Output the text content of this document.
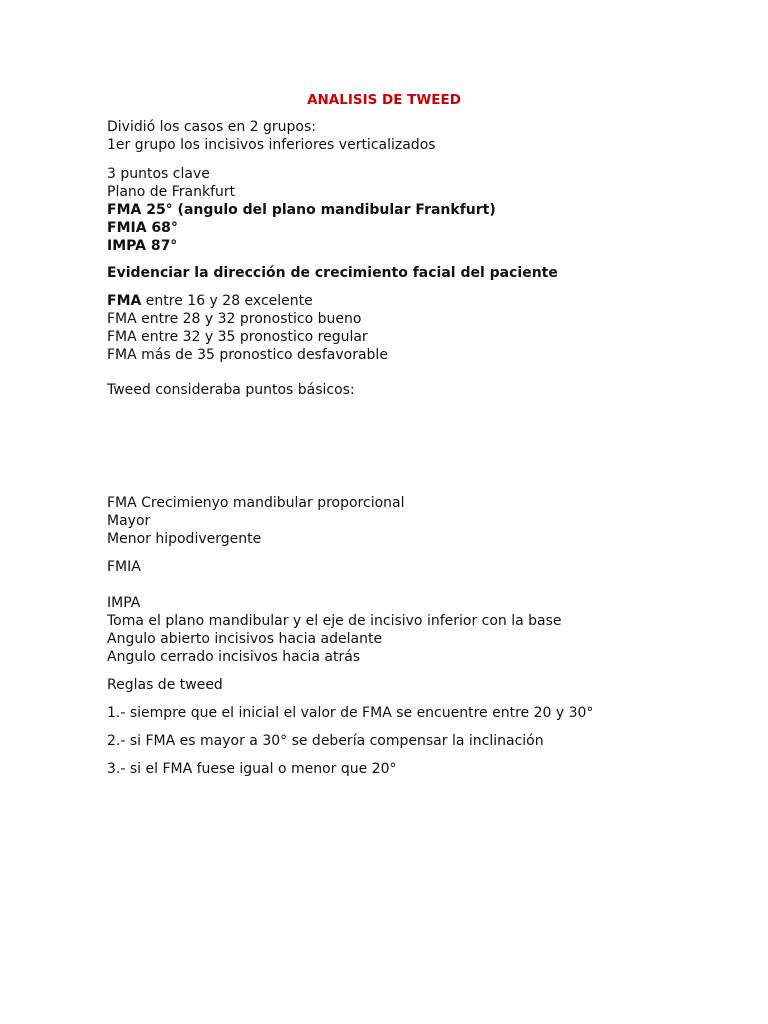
ANALISIS DE TWEED
Dividió los casos en 2 grupos:
1er grupo los incisivos inferiores verticalizados
3 puntos clave
Plano de Frankfurt
FMA 25° (angulo del plano mandibular Frankfurt)
FMIA 68°
IMPA 87°
Evidenciar la dirección de crecimiento facial del paciente
FMA entre 16 y 28 excelente
FMA entre 28 y 32 pronostico bueno
FMA entre 32 y 35 pronostico regular
FMA más de 35 pronostico desfavorable
Tweed consideraba puntos básicos:
FMA Crecimienyo mandibular proporcional
Mayor
Menor hipodivergente
FMIA
IMPA
Toma el plano mandibular y el eje de incisivo inferior con la base
Angulo abierto incisivos hacia adelante
Angulo cerrado incisivos hacia atrás
Reglas de tweed
1.- siempre que el inicial el valor de FMA se encuentre entre 20 y 30°
2.- si FMA es mayor a 30° se debería compensar la inclinación
3.- si el FMA fuese igual o menor que 20°
